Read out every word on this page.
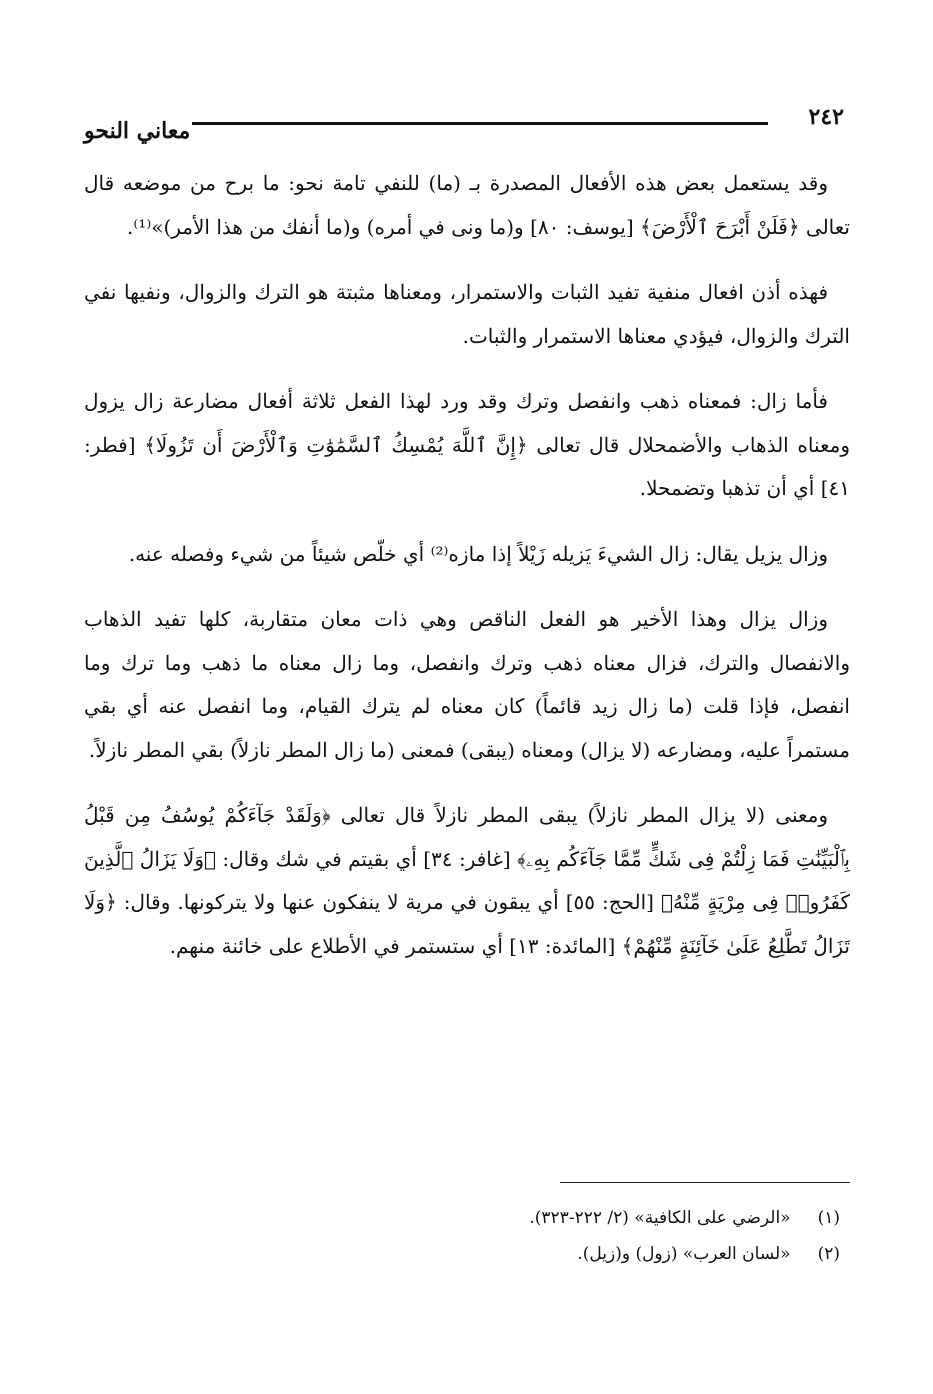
٢٤٢
معاني النحو

وقد يستعمل بعض هذه الأفعال المصدرة بـ (ما) للنفي تامة نحو: ما برح من موضعه قال تعالى ﴿فَلَنْ أَبْرَحَ ٱلْأَرْضَ﴾ [يوسف: ٨٠] و(ما ونى في أمره) و(ما أنفك من هذا الأمر)»⁽¹⁾.

فهذه أذن افعال منفية تفيد الثبات والاستمرار، ومعناها مثبتة هو الترك والزوال، ونفيها نفي الترك والزوال، فيؤدي معناها الاستمرار والثبات.

فأما زال: فمعناه ذهب وانفصل وترك وقد ورد لهذا الفعل ثلاثة أفعال مضارعة زال يزول ومعناه الذهاب والأضمحلال قال تعالى ﴿إِنَّ ٱللَّهَ يُمْسِكُ ٱلسَّمَٰوَٰتِ وَٱلْأَرْضَ أَن تَزُولَا﴾ [فطر: ٤١] أي أن تذهبا وتضمحلا.

وزال يزيل يقال: زال الشيءَ يَزيله زَيْلاً إذا مازه⁽²⁾ أي خلّص شيئاً من شيء وفصله عنه.

وزال يزال وهذا الأخير هو الفعل الناقص وهي ذات معان متقاربة، كلها تفيد الذهاب والانفصال والترك، فزال معناه ذهب وترك وانفصل، وما زال معناه ما ذهب وما ترك وما انفصل، فإذا قلت (ما زال زيد قائماً) كان معناه لم يترك القيام، وما انفصل عنه أي بقي مستمراً عليه، ومضارعه (لا يزال) ومعناه (يبقى) فمعنى (ما زال المطر نازلاً) بقي المطر نازلاً.

ومعنى (لا يزال المطر نازلاً) يبقى المطر نازلاً قال تعالى ﴿وَلَقَدْ جَآءَكُمْ يُوسُفُ مِن قَبْلُ بِٱلْبَيِّنَٰتِ فَمَا زِلْتُمْ فِى شَكٍّ مِّمَّا جَآءَكُم بِهِۦ﴾ [غافر: ٣٤] أي بقيتم في شك وقال: ﴿وَلَا يَزَالُ ٱلَّذِينَ كَفَرُوا۟ فِى مِرْيَةٍ مِّنْهُ﴾ [الحج: ٥٥] أي يبقون في مرية لا ينفكون عنها ولا يتركونها. وقال: ﴿وَلَا تَزَالُ تَطَّلِعُ عَلَىٰ خَآئِنَةٍ مِّنْهُمْ﴾ [المائدة: ١٣] أي ستستمر في الأطلاع على خائنة منهم.

(١) «الرضي على الكافية» (٢/ ٢٢٢-٣٢٣).

(٢) «لسان العرب» (زول) و(زيل).
